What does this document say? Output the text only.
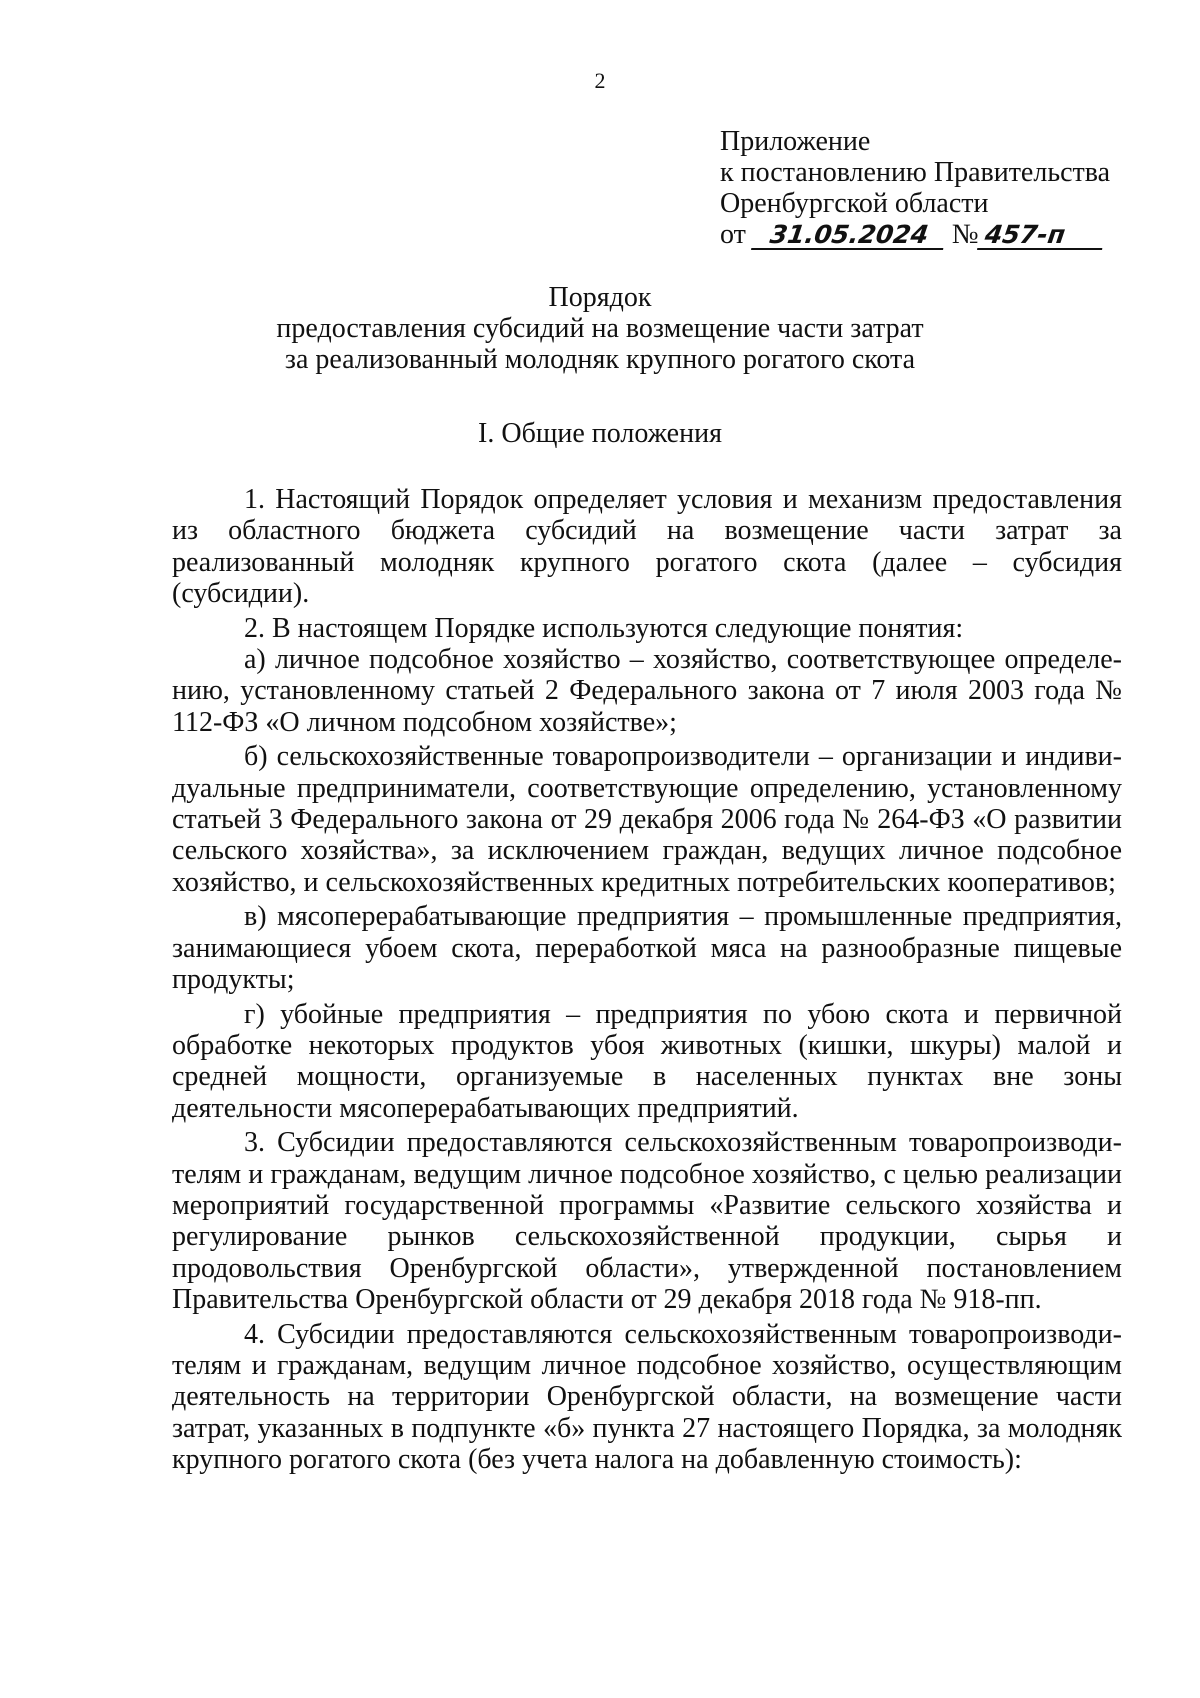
2
Приложение
к постановлению Правительства
Оренбургской области
от 31.05.2024 № 457-п
Порядок
предоставления субсидий на возмещение части затрат
за реализованный молодняк крупного рогатого скота
I. Общие положения

1. Настоящий Порядок определяет условия и механизм предоставления из областного бюджета субсидий на возмещение части затрат за реализованный молодняк крупного рогатого скота (далее – субсидия (субсидии).

2. В настоящем Порядке используются следующие понятия:

а) личное подсобное хозяйство – хозяйство, соответствующее определению, установленному статьей 2 Федерального закона от 7 июля 2003 года № 112-ФЗ «О личном подсобном хозяйстве»;

б) сельскохозяйственные товаропроизводители – организации и индивидуальные предприниматели, соответствующие определению, установленному статьей 3 Федерального закона от 29 декабря 2006 года № 264-ФЗ «О развитии сельского хозяйства», за исключением граждан, ведущих личное подсобное хозяйство, и сельскохозяйственных кредитных потребительских кооперативов;

в) мясоперерабатывающие предприятия – промышленные предприятия, занимающиеся убоем скота, переработкой мяса на разнообразные пищевые продукты;

г) убойные предприятия – предприятия по убою скота и первичной обработке некоторых продуктов убоя животных (кишки, шкуры) малой и средней мощности, организуемые в населенных пунктах вне зоны деятельности мясоперерабатывающих предприятий.

3. Субсидии предоставляются сельскохозяйственным товаропроизводителям и гражданам, ведущим личное подсобное хозяйство, с целью реализации мероприятий государственной программы «Развитие сельского хозяйства и регулирование рынков сельскохозяйственной продукции, сырья и продовольствия Оренбургской области», утвержденной постановлением Правительства Оренбургской области от 29 декабря 2018 года № 918-пп.

4. Субсидии предоставляются сельскохозяйственным товаропроизводителям и гражданам, ведущим личное подсобное хозяйство, осуществляющим деятельность на территории Оренбургской области, на возмещение части затрат, указанных в подпункте «б» пункта 27 настоящего Порядка, за молодняк крупного рогатого скота (без учета налога на добавленную стоимость):
